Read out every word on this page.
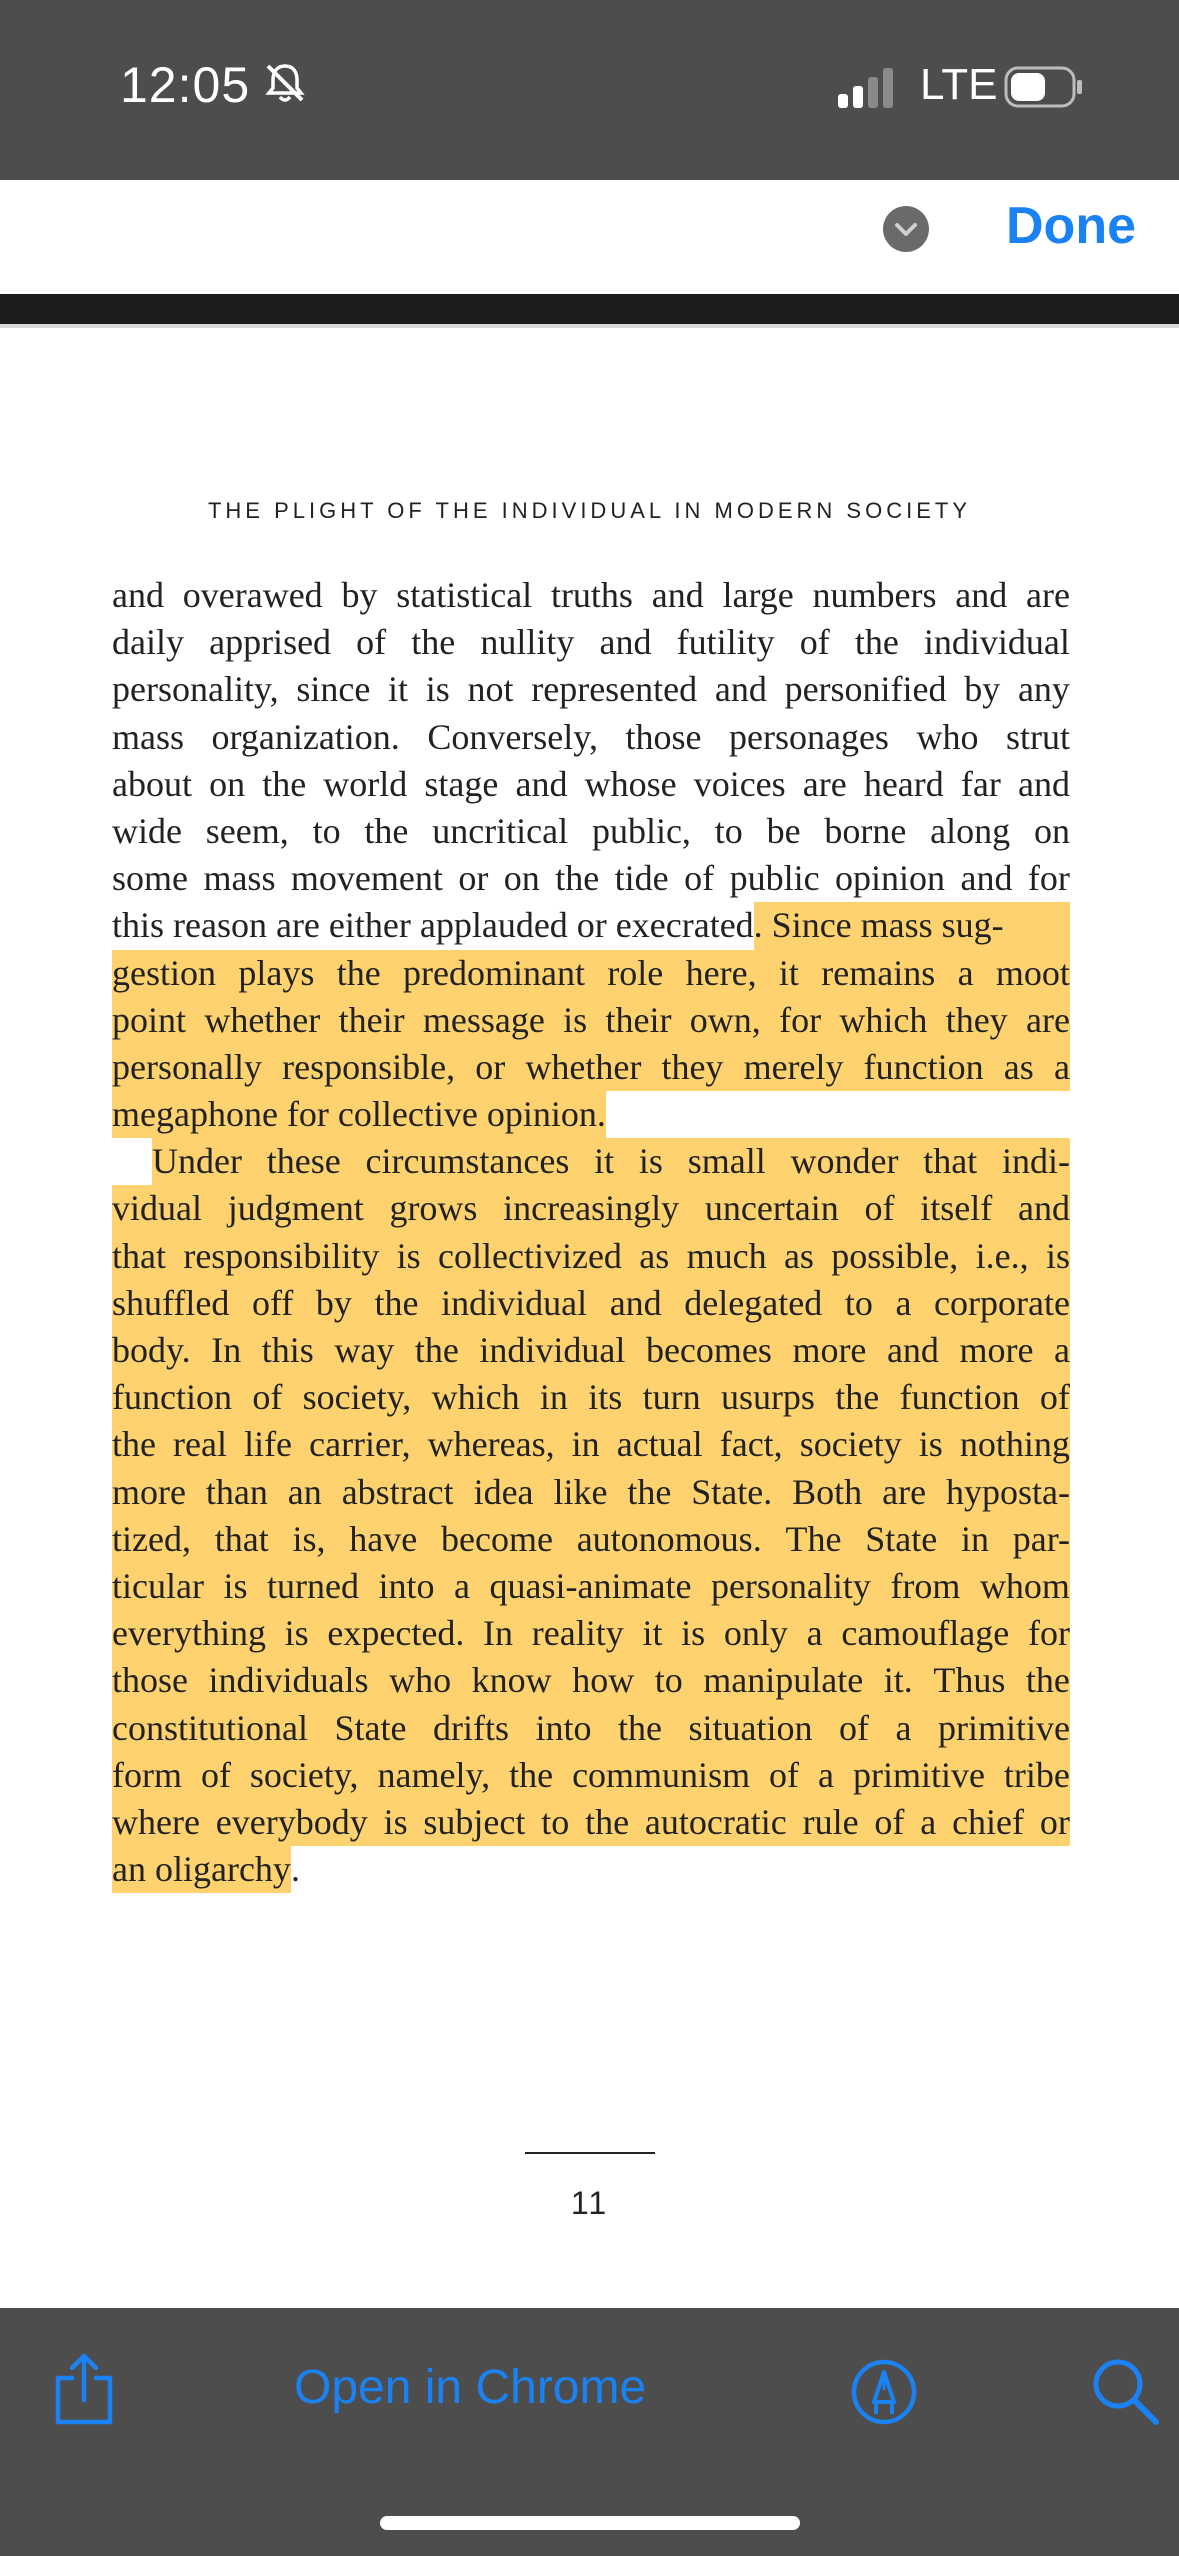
12:05	LTE
jung-the-undiscovered-self-1957	Done
THE PLIGHT OF THE INDIVIDUAL IN MODERN SOCIETY
and overawed by statistical truths and large numbers and are
daily apprised of the nullity and futility of the individual
personality, since it is not represented and personified by any
mass organization. Conversely, those personages who strut
about on the world stage and whose voices are heard far and
wide seem, to the uncritical public, to be borne along on
some mass movement or on the tide of public opinion and for
this reason are either applauded or execrated . Since mass sug-
gestion plays the predominant role here, it remains a moot
point whether their message is their own, for which they are
personally responsible, or whether they merely function as a
megaphone for collective opinion.
Under these circumstances it is small wonder that indi-
vidual judgment grows increasingly uncertain of itself and
that responsibility is collectivized as much as possible, i.e., is
shuffled off by the individual and delegated to a corporate
body. In this way the individual becomes more and more a
function of society, which in its turn usurps the function of
the real life carrier, whereas, in actual fact, society is nothing
more than an abstract idea like the State. Both are hyposta-
tized, that is, have become autonomous. The State in par-
ticular is turned into a quasi-animate personality from whom
everything is expected. In reality it is only a camouflage for
those individuals who know how to manipulate it. Thus the
constitutional State drifts into the situation of a primitive
form of society, namely, the communism of a primitive tribe
where everybody is subject to the autocratic rule of a chief or
an oligarchy .
11
Open in Chrome
